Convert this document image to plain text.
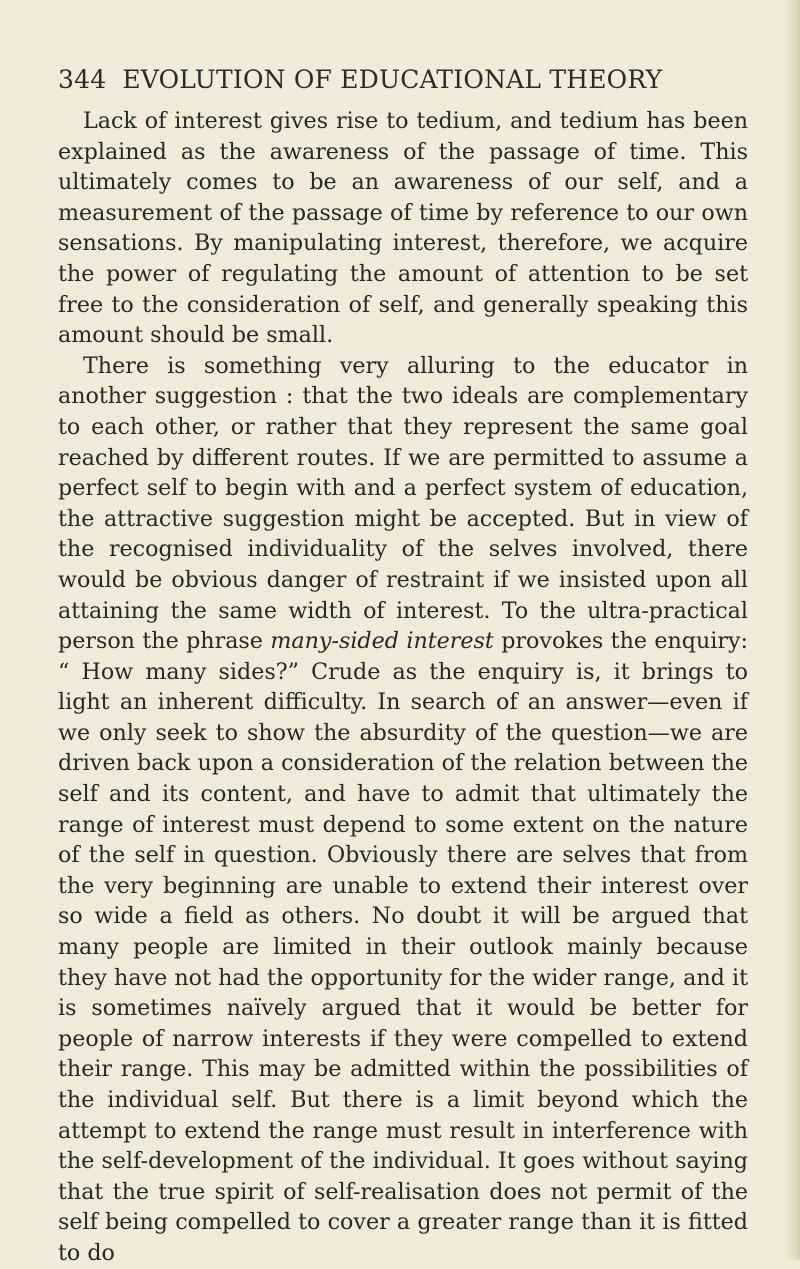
344 EVOLUTION OF EDUCATIONAL THEORY

Lack of interest gives rise to tedium, and tedium has been explained as the awareness of the passage of time. This ultimately comes to be an awareness of our self, and a measurement of the passage of time by reference to our own sensations. By manipulating interest, therefore, we acquire the power of regulating the amount of attention to be set free to the consideration of self, and generally speaking this amount should be small.

There is something very alluring to the educator in another suggestion : that the two ideals are complementary to each other, or rather that they represent the same goal reached by different routes. If we are permitted to assume a perfect self to begin with and a perfect system of education, the attractive suggestion might be accepted. But in view of the recognised individuality of the selves involved, there would be obvious danger of restraint if we insisted upon all attaining the same width of interest. To the ultra-practical person the phrase many-sided interest provokes the enquiry: “ How many sides?” Crude as the enquiry is, it brings to light an inherent difficulty. In search of an answer—even if we only seek to show the absurdity of the question—we are driven back upon a consideration of the relation between the self and its content, and have to admit that ultimately the range of interest must depend to some extent on the nature of the self in question. Obviously there are selves that from the very beginning are unable to extend their interest over so wide a field as others. No doubt it will be argued that many people are limited in their outlook mainly because they have not had the opportunity for the wider range, and it is sometimes naïvely argued that it would be better for people of narrow interests if they were compelled to extend their range. This may be admitted within the possibilities of the individual self. But there is a limit beyond which the attempt to extend the range must result in interference with the self-development of the individual. It goes without saying that the true spirit of self-realisation does not permit of the self being compelled to cover a greater range than it is fitted to do
